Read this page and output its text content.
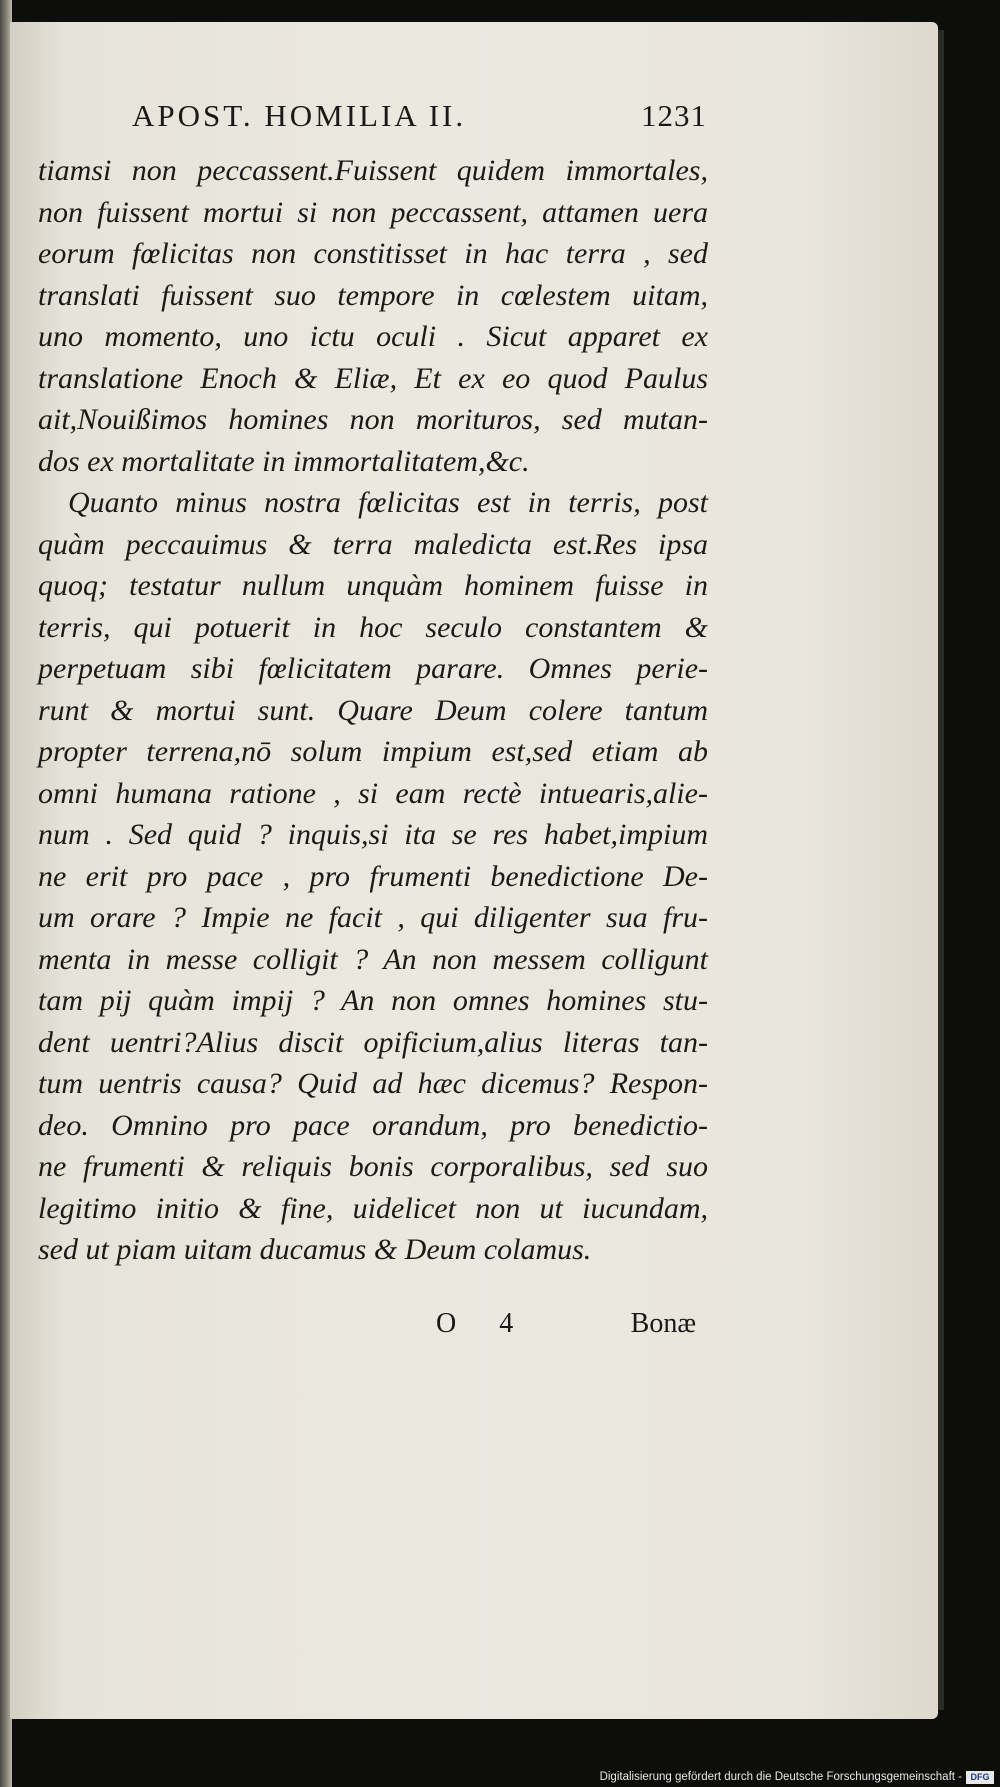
APOST. HOMILIA II.	1231
tiamsi non peccassent.Fuissent quidem immortales,
non fuissent mortui si non peccassent, attamen uera
eorum fœlicitas non constitisset in hac terra , sed
translati fuissent suo tempore in cœlestem uitam,
uno momento, uno ictu oculi . Sicut apparet ex
translatione Enoch & Eliæ, Et ex eo quod Paulus
ait,Nouißimos homines non morituros, sed mutan-
dos ex mortalitate in immortalitatem,&c.
Quanto minus nostra fœlicitas est in terris, post
quàm peccauimus & terra maledicta est.Res ipsa
quoq; testatur nullum unquàm hominem fuisse in
terris, qui potuerit in hoc seculo constantem &
perpetuam sibi fœlicitatem parare. Omnes perie-
runt & mortui sunt. Quare Deum colere tantum
propter terrena,nō solum impium est,sed etiam ab
omni humana ratione , si eam rectè intuearis,alie-
num . Sed quid ? inquis,si ita se res habet,impium
ne erit pro pace , pro frumenti benedictione De-
um orare ? Impie ne facit , qui diligenter sua fru-
menta in messe colligit ? An non messem colligunt
tam pij quàm impij ? An non omnes homines stu-
dent uentri?Alius discit opificium,alius literas tan-
tum uentris causa? Quid ad hæc dicemus? Respon-
deo. Omnino pro pace orandum, pro benedictio-
ne frumenti & reliquis bonis corporalibus, sed suo
legitimo initio & fine, uidelicet non ut iucundam,
sed ut piam uitam ducamus & Deum colamus.
O 4	Bonæ
Digitalisierung gefördert durch die Deutsche Forschungsgemeinschaft - DFG
